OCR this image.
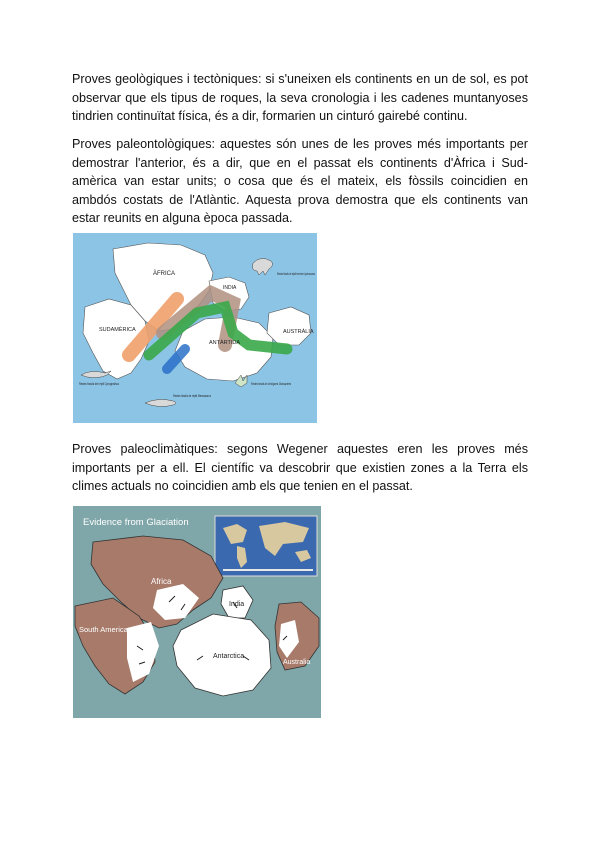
Proves geològiques i tectòniques: si s'uneixen els continents en un de sol, es pot observar que els tipus de roques, la seva cronologia i les cadenes muntanyoses tindrien continuïtat física, és a dir, formarien un cinturó gairebé continu.

Proves paleontològiques: aquestes són unes de les proves més importants per demostrar l'anterior, és a dir, que en el passat els continents d'Àfrica i Sud-amèrica van estar units; o cosa que és el mateix, els fòssils coincidien en ambdós costats de l'Atlàntic. Aquesta prova demostra que els continents van estar reunits en alguna època passada.

ÀFRICA
SUDAMÈRICA
INDIA
ANTÀRTIDA
AUSTRÀLIA
Restes fòssils de rèptil terrestre Lystrosaurus
Restes fòssils del rèptil Cynognathus
Restes fòssils de rèptil Mesosaurus
Restes fòssils de la falguera Glossopteris

Proves paleoclimàtiques: segons Wegener aquestes eren les proves més importants per a ell. El científic va descobrir que existien zones a la Terra els climes actuals no coincidien amb els que tenien en el passat.

Evidence from Glaciation
Africa
South America
India
Antarctica
Australia
